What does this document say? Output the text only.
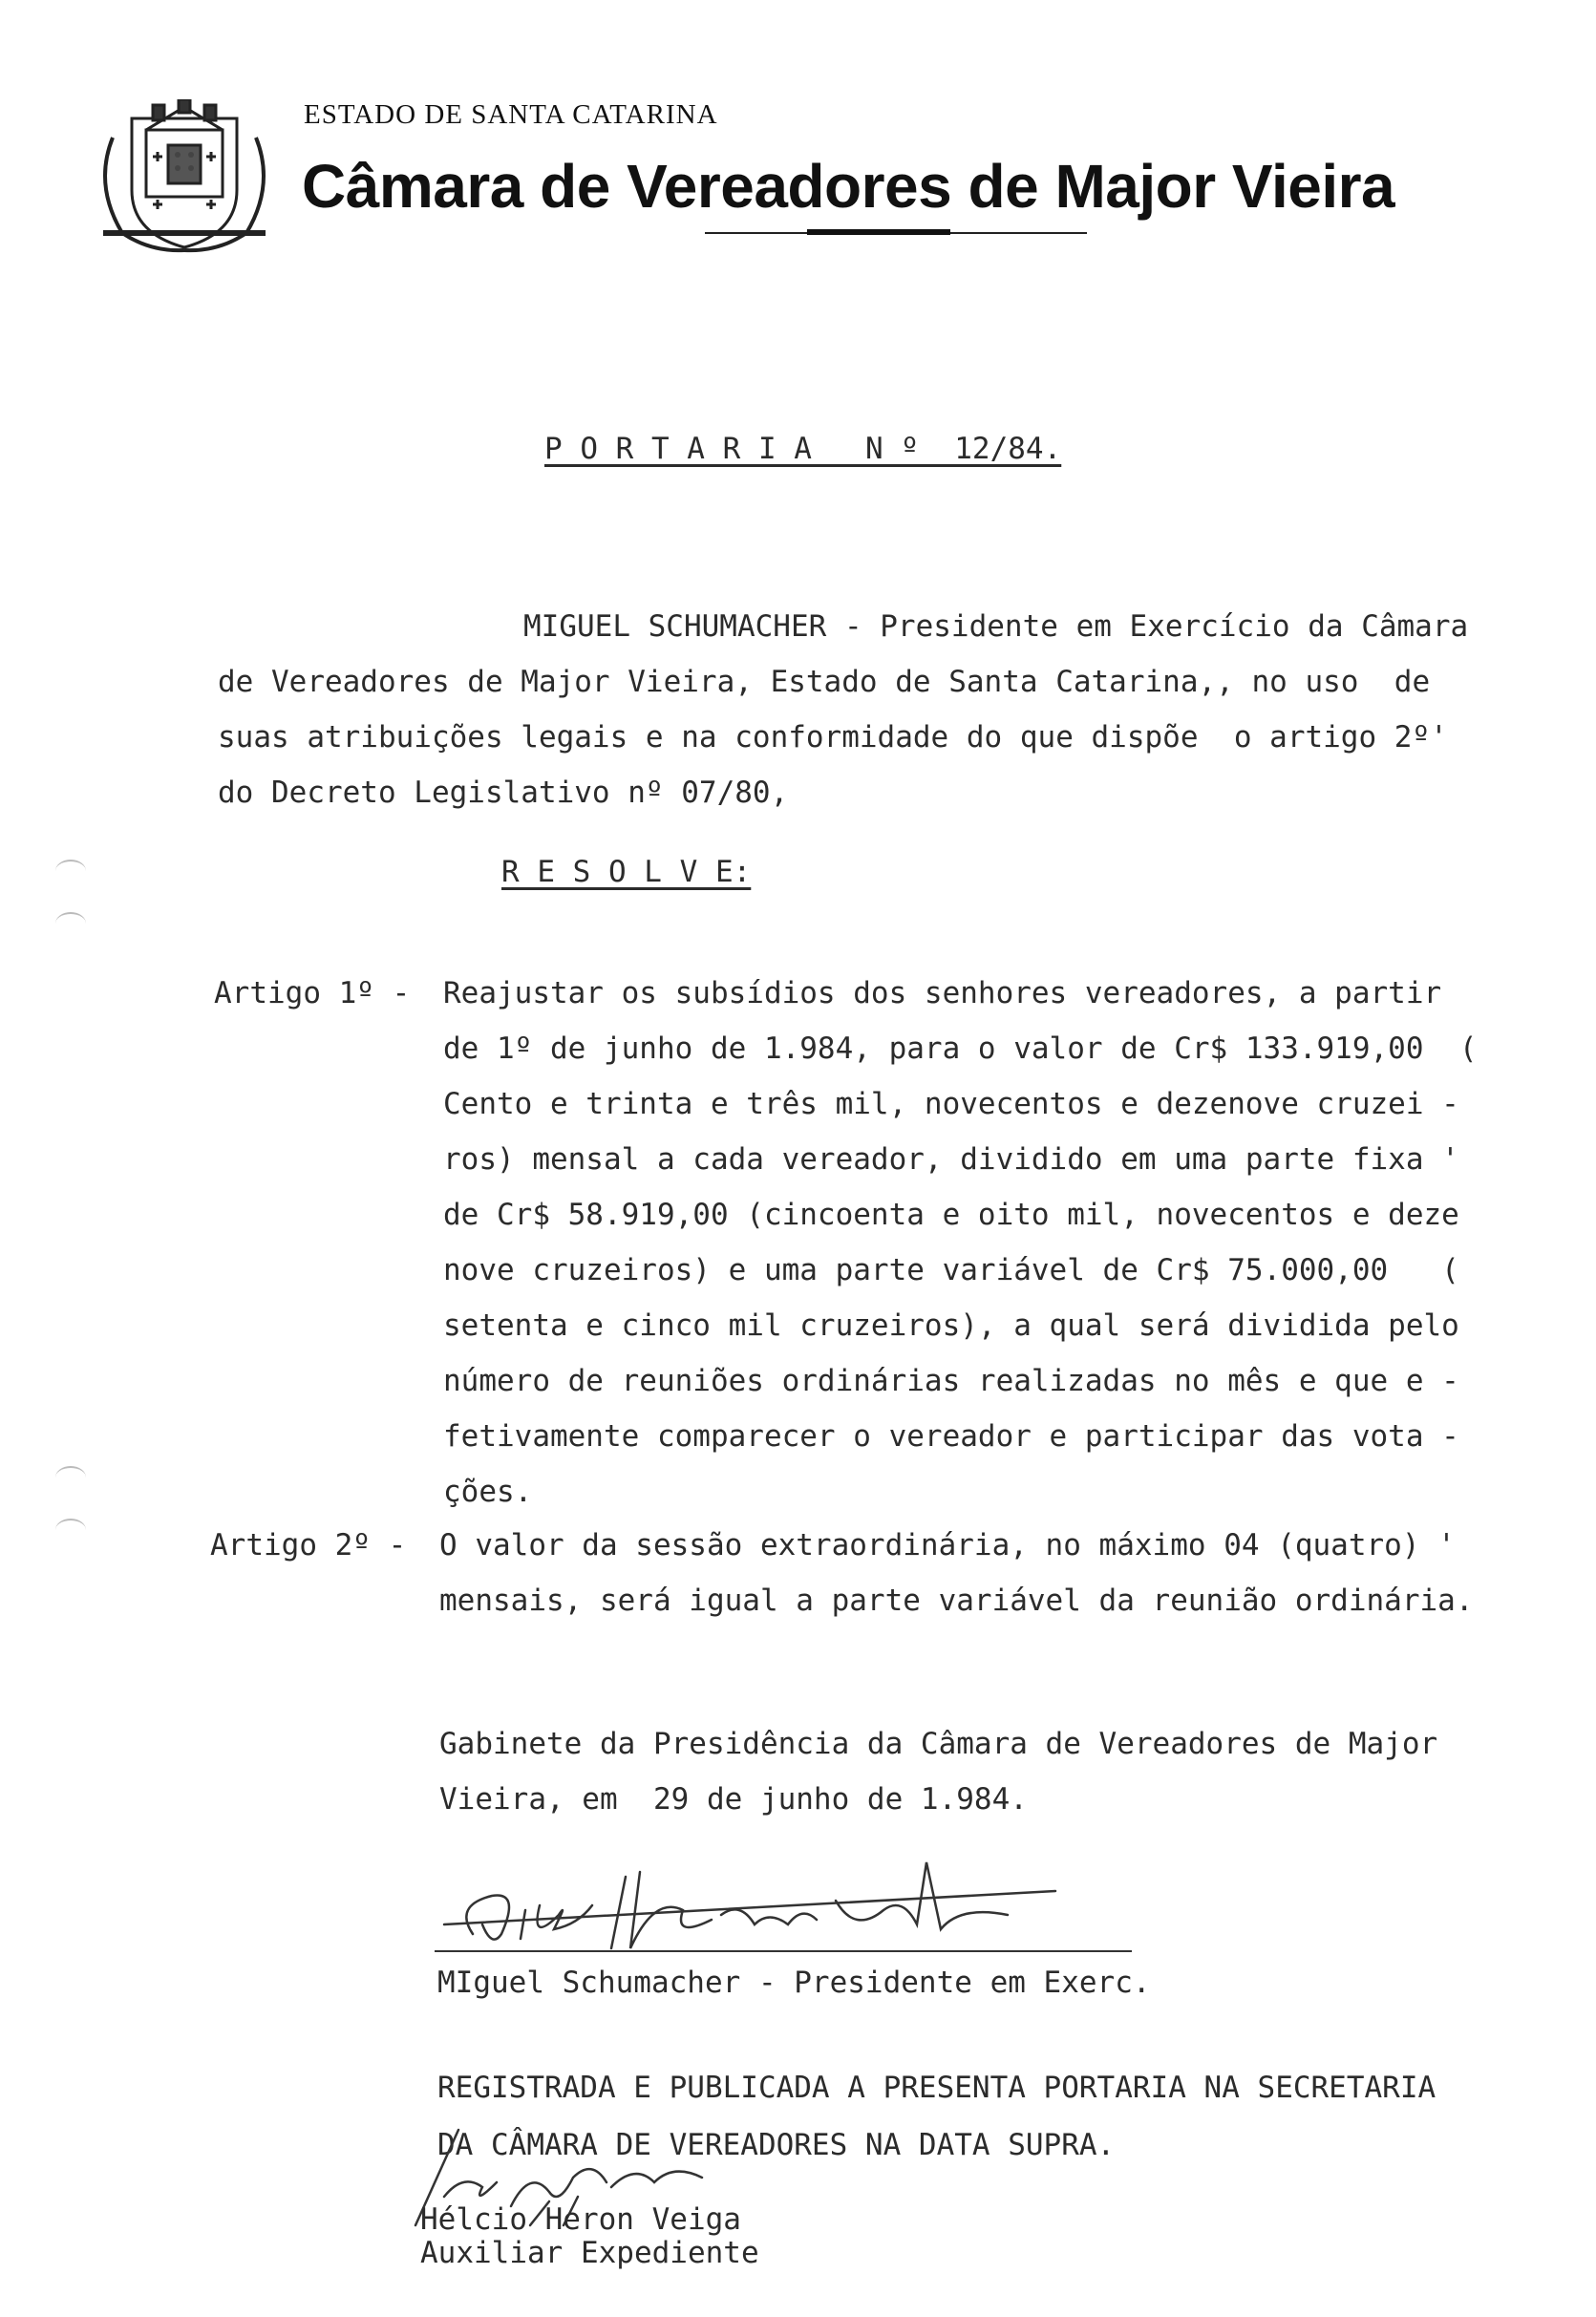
ESTADO DE SANTA CATARINA
Câmara de Vereadores de Major Vieira
P O R T A R I A   N º  12/84.

MIGUEL SCHUMACHER - Presidente em Exercício da Câmara

de Vereadores de Major Vieira, Estado de Santa Catarina,, no uso  de

suas atribuições legais e na conformidade do que dispõe  o artigo 2º'

do Decreto Legislativo nº 07/80,

R E S O L V E:

Artigo 1º -

Reajustar os subsídios dos senhores vereadores, a partir

de 1º de junho de 1.984, para o valor de Cr$ 133.919,00  (

Cento e trinta e três mil, novecentos e dezenove cruzei -

ros) mensal a cada vereador, dividido em uma parte fixa '

de Cr$ 58.919,00 (cincoenta e oito mil, novecentos e deze

nove cruzeiros) e uma parte variável de Cr$ 75.000,00   (

setenta e cinco mil cruzeiros), a qual será dividida pelo

número de reuniões ordinárias realizadas no mês e que e -

fetivamente comparecer o vereador e participar das vota -

ções.

Artigo 2º -

O valor da sessão extraordinária, no máximo 04 (quatro) '

mensais, será igual a parte variável da reunião ordinária.

Gabinete da Presidência da Câmara de Vereadores de Major

Vieira, em  29 de junho de 1.984.

MIguel Schumacher - Presidente em Exerc.

REGISTRADA E PUBLICADA A PRESENTA PORTARIA NA SECRETARIA

DA CÂMARA DE VEREADORES NA DATA SUPRA.

Hélcio Heron Veiga

Auxiliar Expediente
